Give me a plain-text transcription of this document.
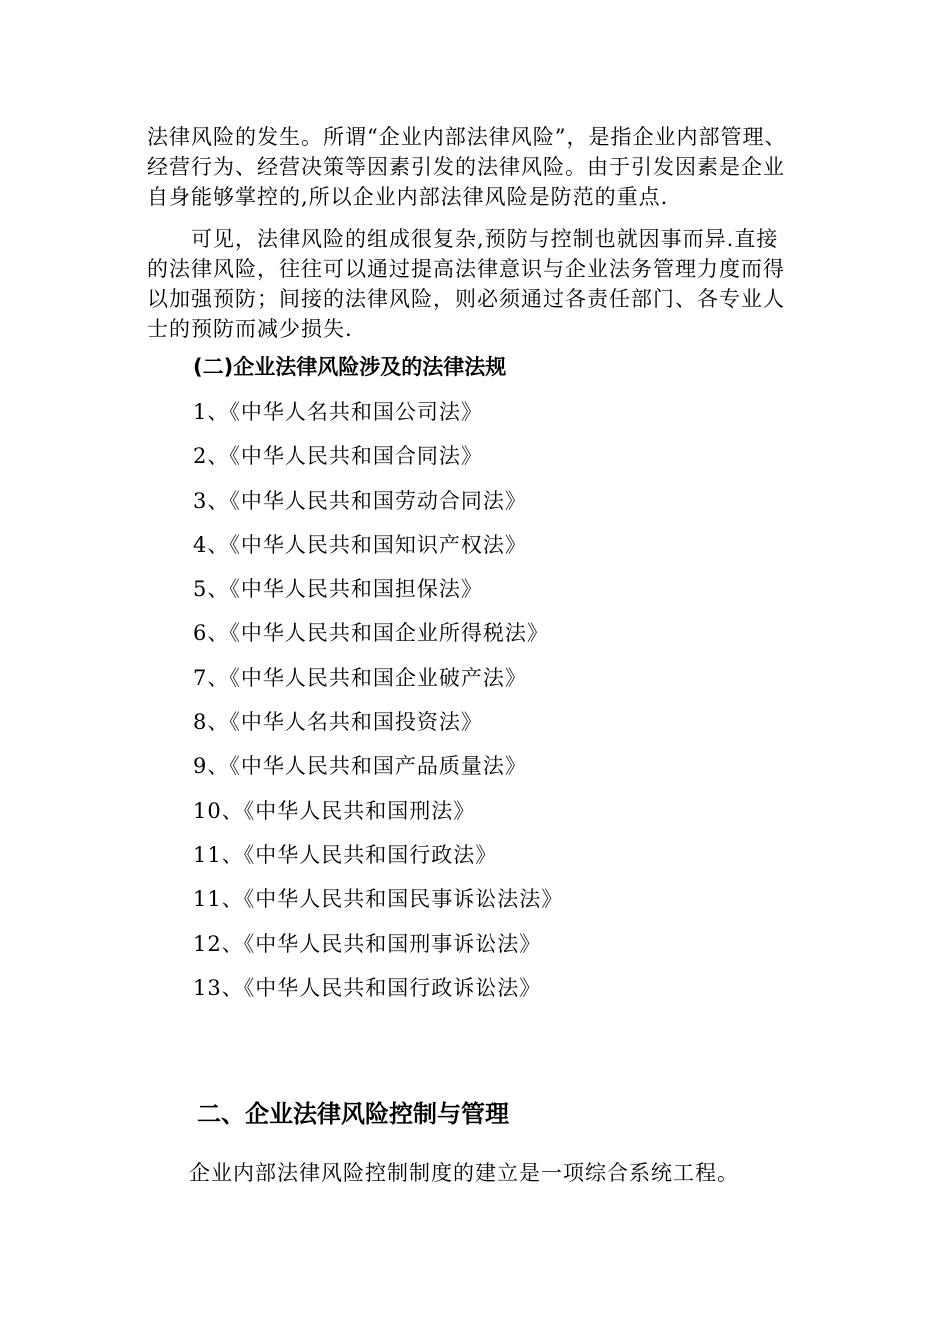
法律风险的发生。所谓“企业内部法律风险”，是指企业内部管理、
经营行为、经营决策等因素引发的法律风险。由于引发因素是企业
自身能够掌控的,所以企业内部法律风险是防范的重点.
　　可见，法律风险的组成很复杂,预防与控制也就因事而异.直接
的法律风险，往往可以通过提高法律意识与企业法务管理力度而得
以加强预防；间接的法律风险，则必须通过各责任部门、各专业人
士的预防而减少损失.
(二)企业法律风险涉及的法律法规
1、《中华人名共和国公司法》
2、《中华人民共和国合同法》
3、《中华人民共和国劳动合同法》
4、《中华人民共和国知识产权法》
5、《中华人民共和国担保法》
6、《中华人民共和国企业所得税法》
7、《中华人民共和国企业破产法》
8、《中华人名共和国投资法》
9、《中华人民共和国产品质量法》
10、《中华人民共和国刑法》
11、《中华人民共和国行政法》
11、《中华人民共和国民事诉讼法法》
12、《中华人民共和国刑事诉讼法》
13、《中华人民共和国行政诉讼法》
二、企业法律风险控制与管理

企业内部法律风险控制制度的建立是一项综合系统工程。
